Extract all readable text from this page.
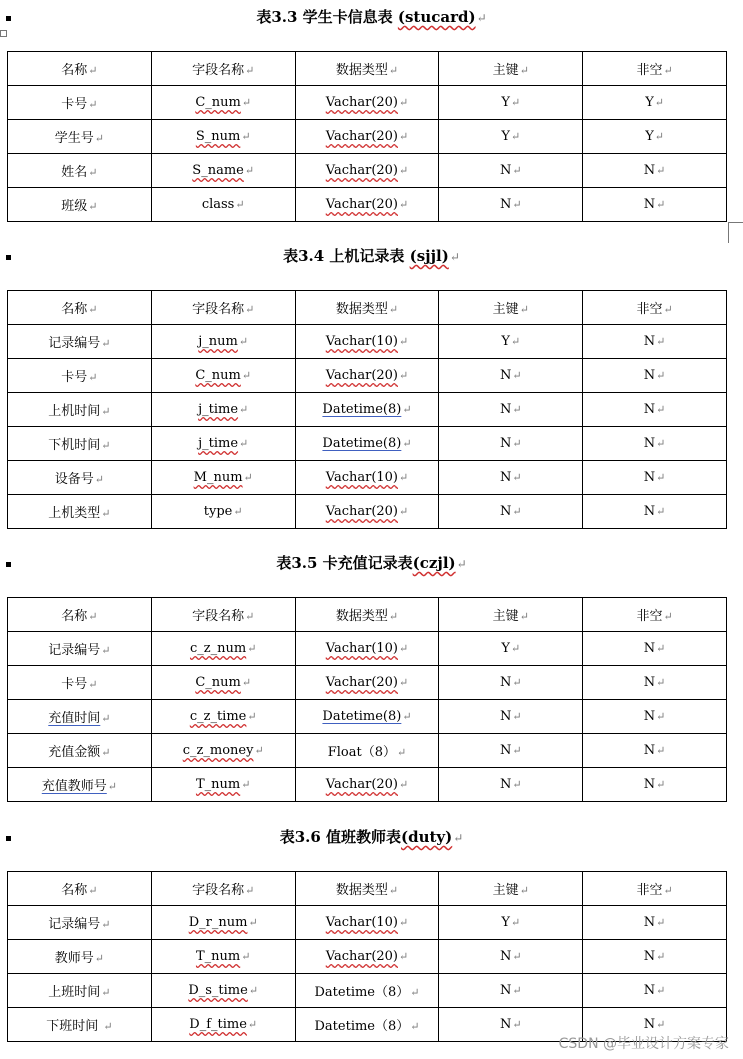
表3.3 学生卡信息表 (stucard)↵
名称↵	字段名称↵	数据类型↵	主键↵	非空↵
卡号↵	C_num↵	Vachar(20)↵	Y↵	Y↵
学生号↵	S_num↵	Vachar(20)↵	Y↵	Y↵
姓名↵	S_name↵	Vachar(20)↵	N↵	N↵
班级↵	class↵	Vachar(20)↵	N↵	N↵
表3.4 上机记录表 (sjjl)↵
名称↵	字段名称↵	数据类型↵	主键↵	非空↵
记录编号↵	j_num↵	Vachar(10)↵	Y↵	N↵
卡号↵	C_num↵	Vachar(20)↵	N↵	N↵
上机时间↵	j_time↵	Datetime(8)↵	N↵	N↵
下机时间↵	j_time↵	Datetime(8)↵	N↵	N↵
设备号↵	M_num↵	Vachar(10)↵	N↵	N↵
上机类型↵	type↵	Vachar(20)↵	N↵	N↵
表3.5 卡充值记录表(czjl)↵
名称↵	字段名称↵	数据类型↵	主键↵	非空↵
记录编号↵	c_z_num↵	Vachar(10)↵	Y↵	N↵
卡号↵	C_num↵	Vachar(20)↵	N↵	N↵
充值时间↵	c_z_time↵	Datetime(8)↵	N↵	N↵
充值金额↵	c_z_money↵	Float（8）↵	N↵	N↵
充值教师号↵	T_num↵	Vachar(20)↵	N↵	N↵
表3.6 值班教师表(duty)↵
名称↵	字段名称↵	数据类型↵	主键↵	非空↵
记录编号↵	D_r_num↵	Vachar(10)↵	Y↵	N↵
教师号↵	T_num↵	Vachar(20)↵	N↵	N↵
上班时间↵	D_s_time↵	Datetime（8）↵	N↵	N↵
下班时间 ↵	D_f_time↵	Datetime（8）↵	N↵	N↵
CSDN @毕业设计方案专家
